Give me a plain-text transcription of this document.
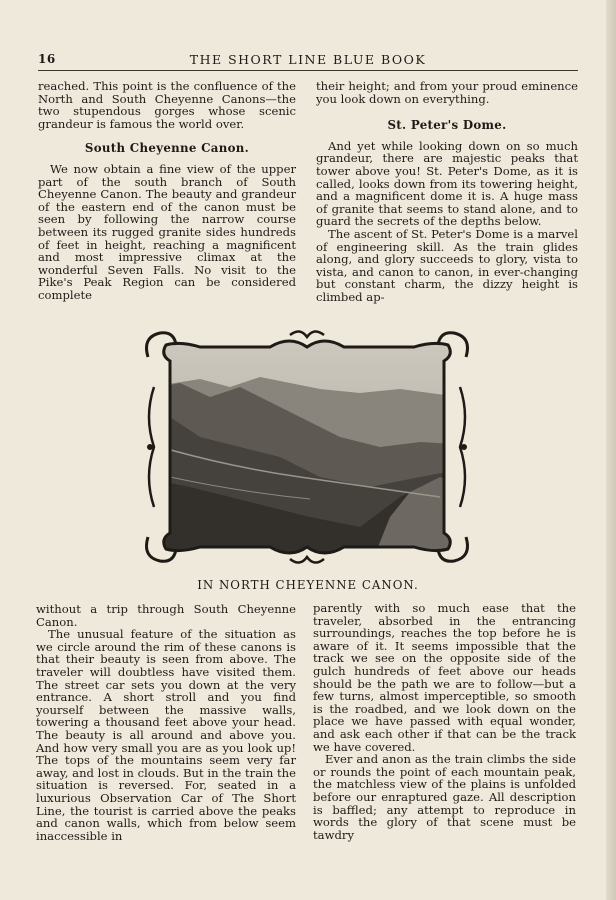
16	THE SHORT LINE BLUE BOOK

reached. This point is the confluence of the North and South Cheyenne Canons—the two stupendous gorges whose scenic grandeur is famous the world over.

South Cheyenne Canon.

We now obtain a fine view of the upper part of the south branch of South Cheyenne Canon. The beauty and grandeur of the eastern end of the canon must be seen by following the narrow course between its rugged granite sides hundreds of feet in height, reaching a magnificent and most impressive climax at the wonderful Seven Falls. No visit to the Pike's Peak Region can be considered complete

their height; and from your proud eminence you look down on everything.

St. Peter's Dome.

And yet while looking down on so much grandeur, there are majestic peaks that tower above you! St. Peter's Dome, as it is called, looks down from its towering height, and a magnificent dome it is. A huge mass of granite that seems to stand alone, and to guard the secrets of the depths below.

The ascent of St. Peter's Dome is a marvel of engineering skill. As the train glides along, and glory succeeds to glory, vista to vista, and canon to canon, in ever-changing but constant charm, the dizzy height is climbed ap-

IN NORTH CHEYENNE CANON.

without a trip through South Cheyenne Canon.

The unusual feature of the situation as we circle around the rim of these canons is that their beauty is seen from above. The traveler will doubtless have visited them. The street car sets you down at the very entrance. A short stroll and you find yourself between the massive walls, towering a thousand feet above your head. The beauty is all around and above you. And how very small you are as you look up! The tops of the mountains seem very far away, and lost in clouds. But in the train the situation is reversed. For, seated in a luxurious Observation Car of The Short Line, the tourist is carried above the peaks and canon walls, which from below seem inaccessible in

parently with so much ease that the traveler, absorbed in the entrancing surroundings, reaches the top before he is aware of it. It seems impossible that the track we see on the opposite side of the gulch hundreds of feet above our heads should be the path we are to follow—but a few turns, almost imperceptible, so smooth is the roadbed, and we look down on the place we have passed with equal wonder, and ask each other if that can be the track we have covered.

Ever and anon as the train climbs the side or rounds the point of each mountain peak, the matchless view of the plains is unfolded before our enraptured gaze. All description is baffled; any attempt to reproduce in words the glory of that scene must be tawdry
